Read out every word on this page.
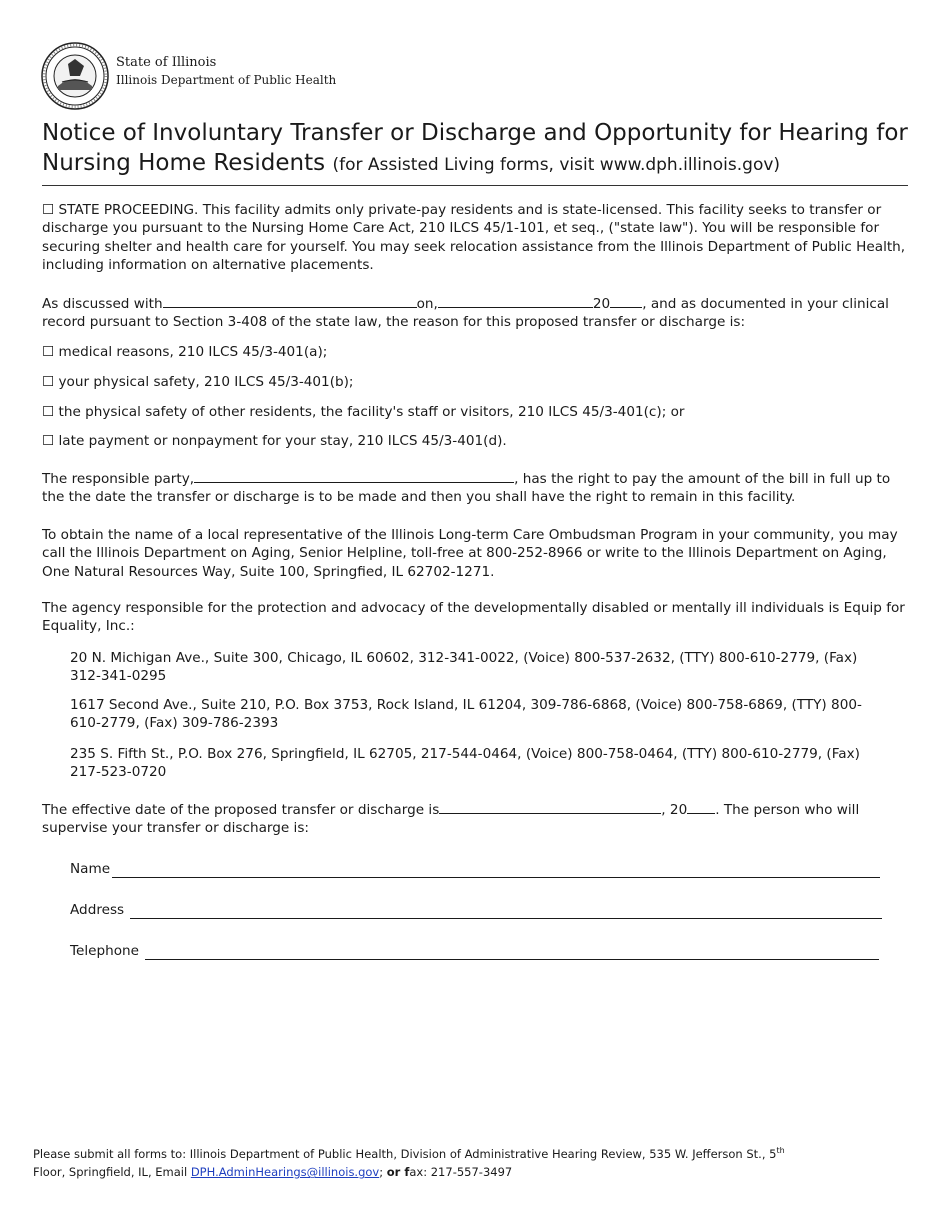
State of Illinois
Illinois Department of Public Health
Notice of Involuntary Transfer or Discharge and Opportunity for Hearing for Nursing Home Residents (for Assisted Living forms, visit www.dph.illinois.gov)
☐ STATE PROCEEDING. This facility admits only private-pay residents and is state-licensed. This facility seeks to transfer or discharge you pursuant to the Nursing Home Care Act, 210 ILCS 45/1-101, et seq., ("state law"). You will be responsible for securing shelter and health care for yourself. You may seek relocation assistance from the Illinois Department of Public Health, including information on alternative placements.
As discussed with	on,	20 , and as documented in your clinical record pursuant to Section 3-408 of the state law, the reason for this proposed transfer or discharge is:
☐ medical reasons, 210 ILCS 45/3-401(a);
☐ your physical safety, 210 ILCS 45/3-401(b);
☐ the physical safety of other residents, the facility's staff or visitors, 210 ILCS 45/3-401(c); or
☐ late payment or nonpayment for your stay, 210 ILCS 45/3-401(d).
The responsible party,	, has the right to pay the amount of the bill in full up to the the date the transfer or discharge is to be made and then you shall have the right to remain in this facility.
To obtain the name of a local representative of the Illinois Long-term Care Ombudsman Program in your community, you may call the Illinois Department on Aging, Senior Helpline, toll-free at 800-252-8966 or write to the Illinois Department on Aging, One Natural Resources Way, Suite 100, Springfied, IL 62702-1271.
The agency responsible for the protection and advocacy of the developmentally disabled or mentally ill individuals is Equip for Equality, Inc.:
20 N. Michigan Ave., Suite 300, Chicago, IL 60602, 312-341-0022, (Voice) 800-537-2632, (TTY) 800-610-2779, (Fax) 312-341-0295
1617 Second Ave., Suite 210, P.O. Box 3753, Rock Island, IL 61204, 309-786-6868, (Voice) 800-758-6869, (TTY) 800-610-2779, (Fax) 309-786-2393
235 S. Fifth St., P.O. Box 276, Springfield, IL 62705, 217-544-0464, (Voice) 800-758-0464, (TTY) 800-610-2779, (Fax) 217-523-0720
The effective date of the proposed transfer or discharge is	, 20 . The person who will supervise your transfer or discharge is:
Name
Address
Telephone
Please submit all forms to: Illinois Department of Public Health, Division of Administrative Hearing Review, 535 W. Jefferson St., 5th
Floor, Springfield, IL, Email DPH.AdminHearings@illinois.gov; or fax: 217-557-3497
